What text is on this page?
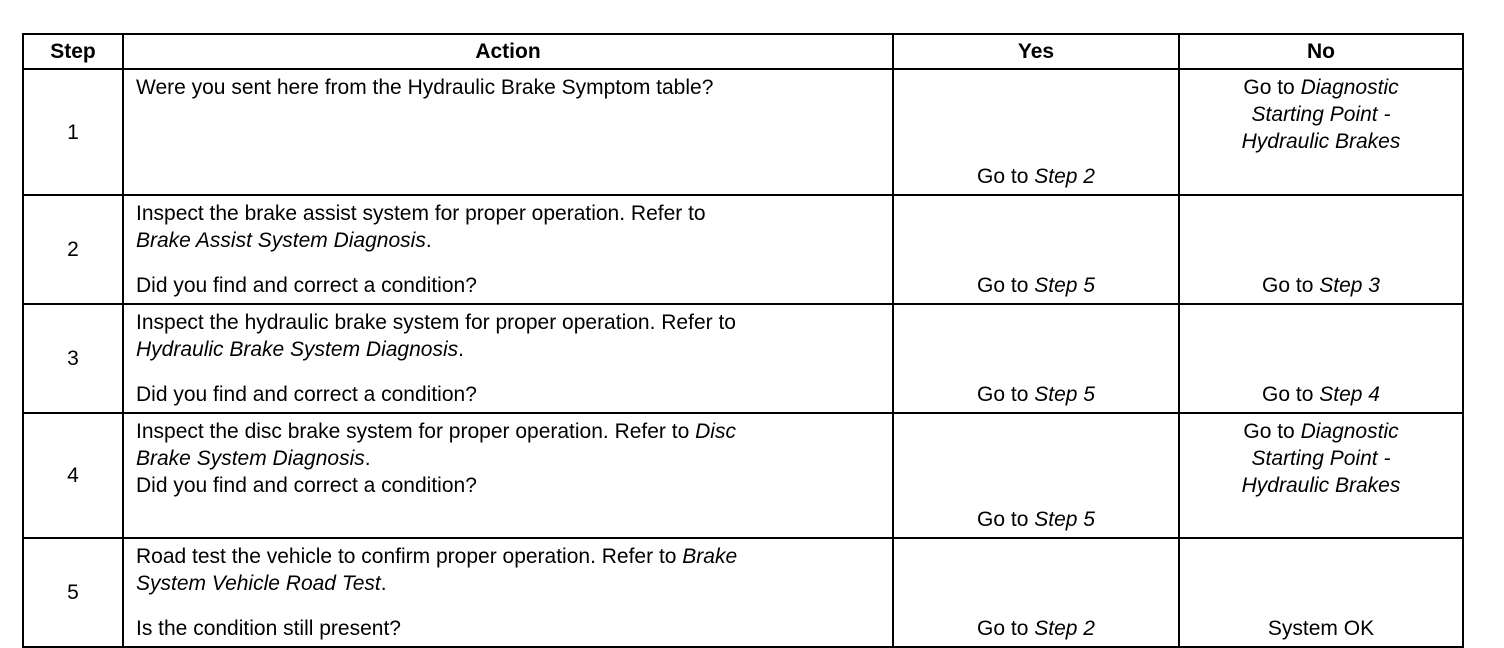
Step	Action	Yes	No
1	Were you sent here from the Hydraulic Brake Symptom table?	Go to Step 2	Go to Diagnostic
Starting Point -
Hydraulic Brakes

2	Inspect the brake assist system for proper operation. Refer to
Brake Assist System Diagnosis.
Did you find and correct a condition?	Go to Step 5	Go to Step 3

3	Inspect the hydraulic brake system for proper operation. Refer to
Hydraulic Brake System Diagnosis.
Did you find and correct a condition?	Go to Step 5	Go to Step 4

4	Inspect the disc brake system for proper operation. Refer to Disc
Brake System Diagnosis.
Did you find and correct a condition?	Go to Step 5	Go to Diagnostic
Starting Point -
Hydraulic Brakes

5	Road test the vehicle to confirm proper operation. Refer to Brake
System Vehicle Road Test.
Is the condition still present?	Go to Step 2	System OK
